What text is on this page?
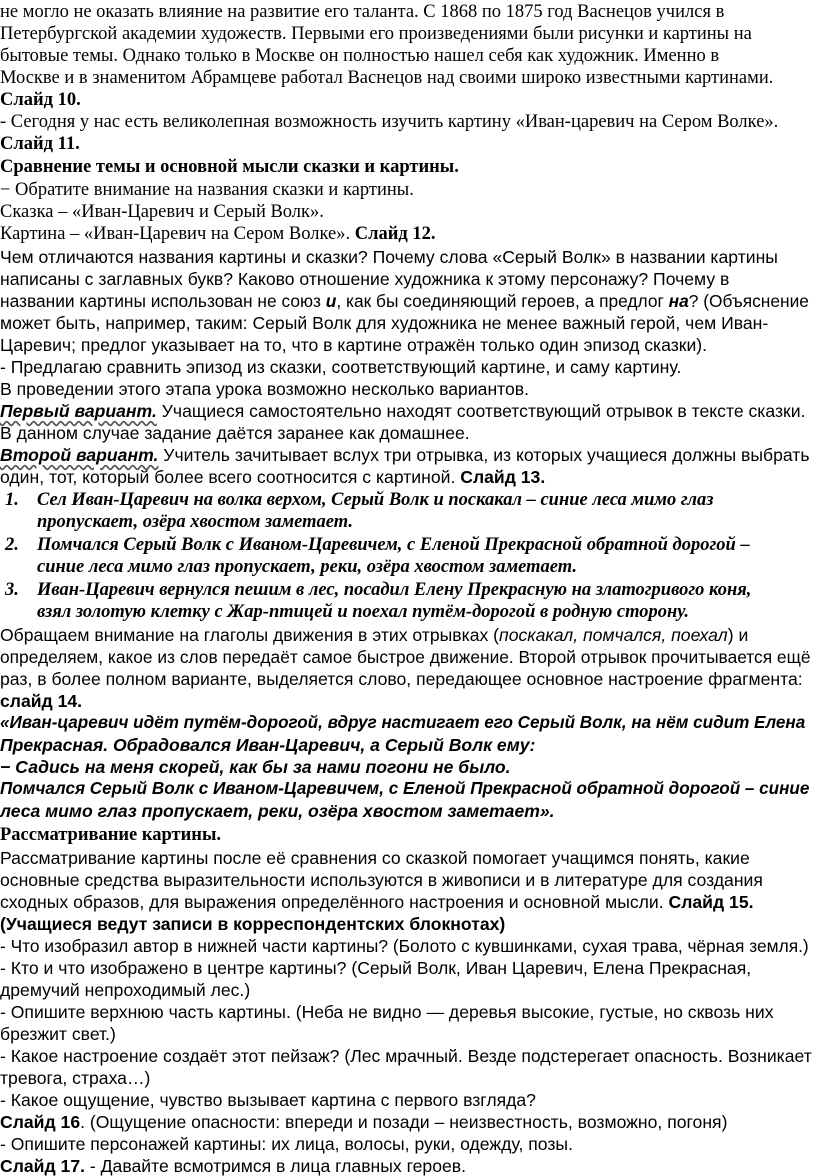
не могло не оказать влияние на развитие его таланта. С 1868 по 1875 год Васнецов учился в
Петербургской академии художеств. Первыми его произведениями были рисунки и картины на
бытовые темы. Однако только в Москве он полностью нашел себя как художник. Именно в
Москве и в знаменитом Абрамцеве работал Васнецов над своими широко известными картинами.
Слайд 10.
- Сегодня у нас есть великолепная возможность изучить картину «Иван-царевич на Сером Волке».
Слайд 11.
Сравнение темы и основной мысли сказки и картины.
− Обратите внимание на названия сказки и картины.
Сказка – «Иван-Царевич и Серый Волк».
Картина – «Иван-Царевич на Сером Волке». Слайд 12.
Чем отличаются названия картины и сказки? Почему слова «Серый Волк» в названии картины
написаны с заглавных букв? Каково отношение художника к этому персонажу? Почему в
названии картины использован не союз и, как бы соединяющий героев, а предлог на? (Объяснение
может быть, например, таким: Серый Волк для художника не менее важный герой, чем Иван-
Царевич; предлог указывает на то, что в картине отражён только один эпизод сказки).
- Предлагаю сравнить эпизод из сказки, соответствующий картине, и саму картину.
В проведении этого этапа урока возможно несколько вариантов.
Первый вариант. Учащиеся самостоятельно находят соответствующий отрывок в тексте сказки.
В данном случае задание даётся заранее как домашнее.
Второй вариант. Учитель зачитывает вслух три отрывка, из которых учащиеся должны выбрать
один, тот, который более всего соотносится с картиной. Слайд 13.
1. Сел Иван-Царевич на волка верхом, Серый Волк и поскакал – синие леса мимо глаз
пропускает, озёра хвостом заметает.
2. Помчался Серый Волк с Иваном-Царевичем, с Еленой Прекрасной обратной дорогой –
синие леса мимо глаз пропускает, реки, озёра хвостом заметает.
3. Иван-Царевич вернулся пешим в лес, посадил Елену Прекрасную на златогривого коня,
взял золотую клетку с Жар-птицей и поехал путём-дорогой в родную сторону.
Обращаем внимание на глаголы движения в этих отрывках (поскакал, помчался, поехал) и
определяем, какое из слов передаёт самое быстрое движение. Второй отрывок прочитывается ещё
раз, в более полном варианте, выделяется слово, передающее основное настроение фрагмента:
слайд 14.
«Иван-царевич идёт путём-дорогой, вдруг настигает его Серый Волк, на нём сидит Елена
Прекрасная. Обрадовался Иван-Царевич, а Серый Волк ему:
− Садись на меня скорей, как бы за нами погони не было.
Помчался Серый Волк с Иваном-Царевичем, с Еленой Прекрасной обратной дорогой – синие
леса мимо глаз пропускает, реки, озёра хвостом заметает».
Рассматривание картины.
Рассматривание картины после её сравнения со сказкой помогает учащимся понять, какие
основные средства выразительности используются в живописи и в литературе для создания
сходных образов, для выражения определённого настроения и основной мысли. Слайд 15.
(Учащиеся ведут записи в корреспондентских блокнотах)
- Что изобразил автор в нижней части картины? (Болото с кувшинками, сухая трава, чёрная земля.)
- Кто и что изображено в центре картины? (Серый Волк, Иван Царевич, Елена Прекрасная,
дремучий непроходимый лес.)
- Опишите верхнюю часть картины. (Неба не видно — деревья высокие, густые, но сквозь них
брезжит свет.)
- Какое настроение создаёт этот пейзаж? (Лес мрачный. Везде подстерегает опасность. Возникает
тревога, страха…)
- Какое ощущение, чувство вызывает картина с первого взгляда?
Слайд 16. (Ощущение опасности: впереди и позади – неизвестность, возможно, погоня)
- Опишите персонажей картины: их лица, волосы, руки, одежду, позы.
Слайд 17. - Давайте всмотримся в лица главных героев.
